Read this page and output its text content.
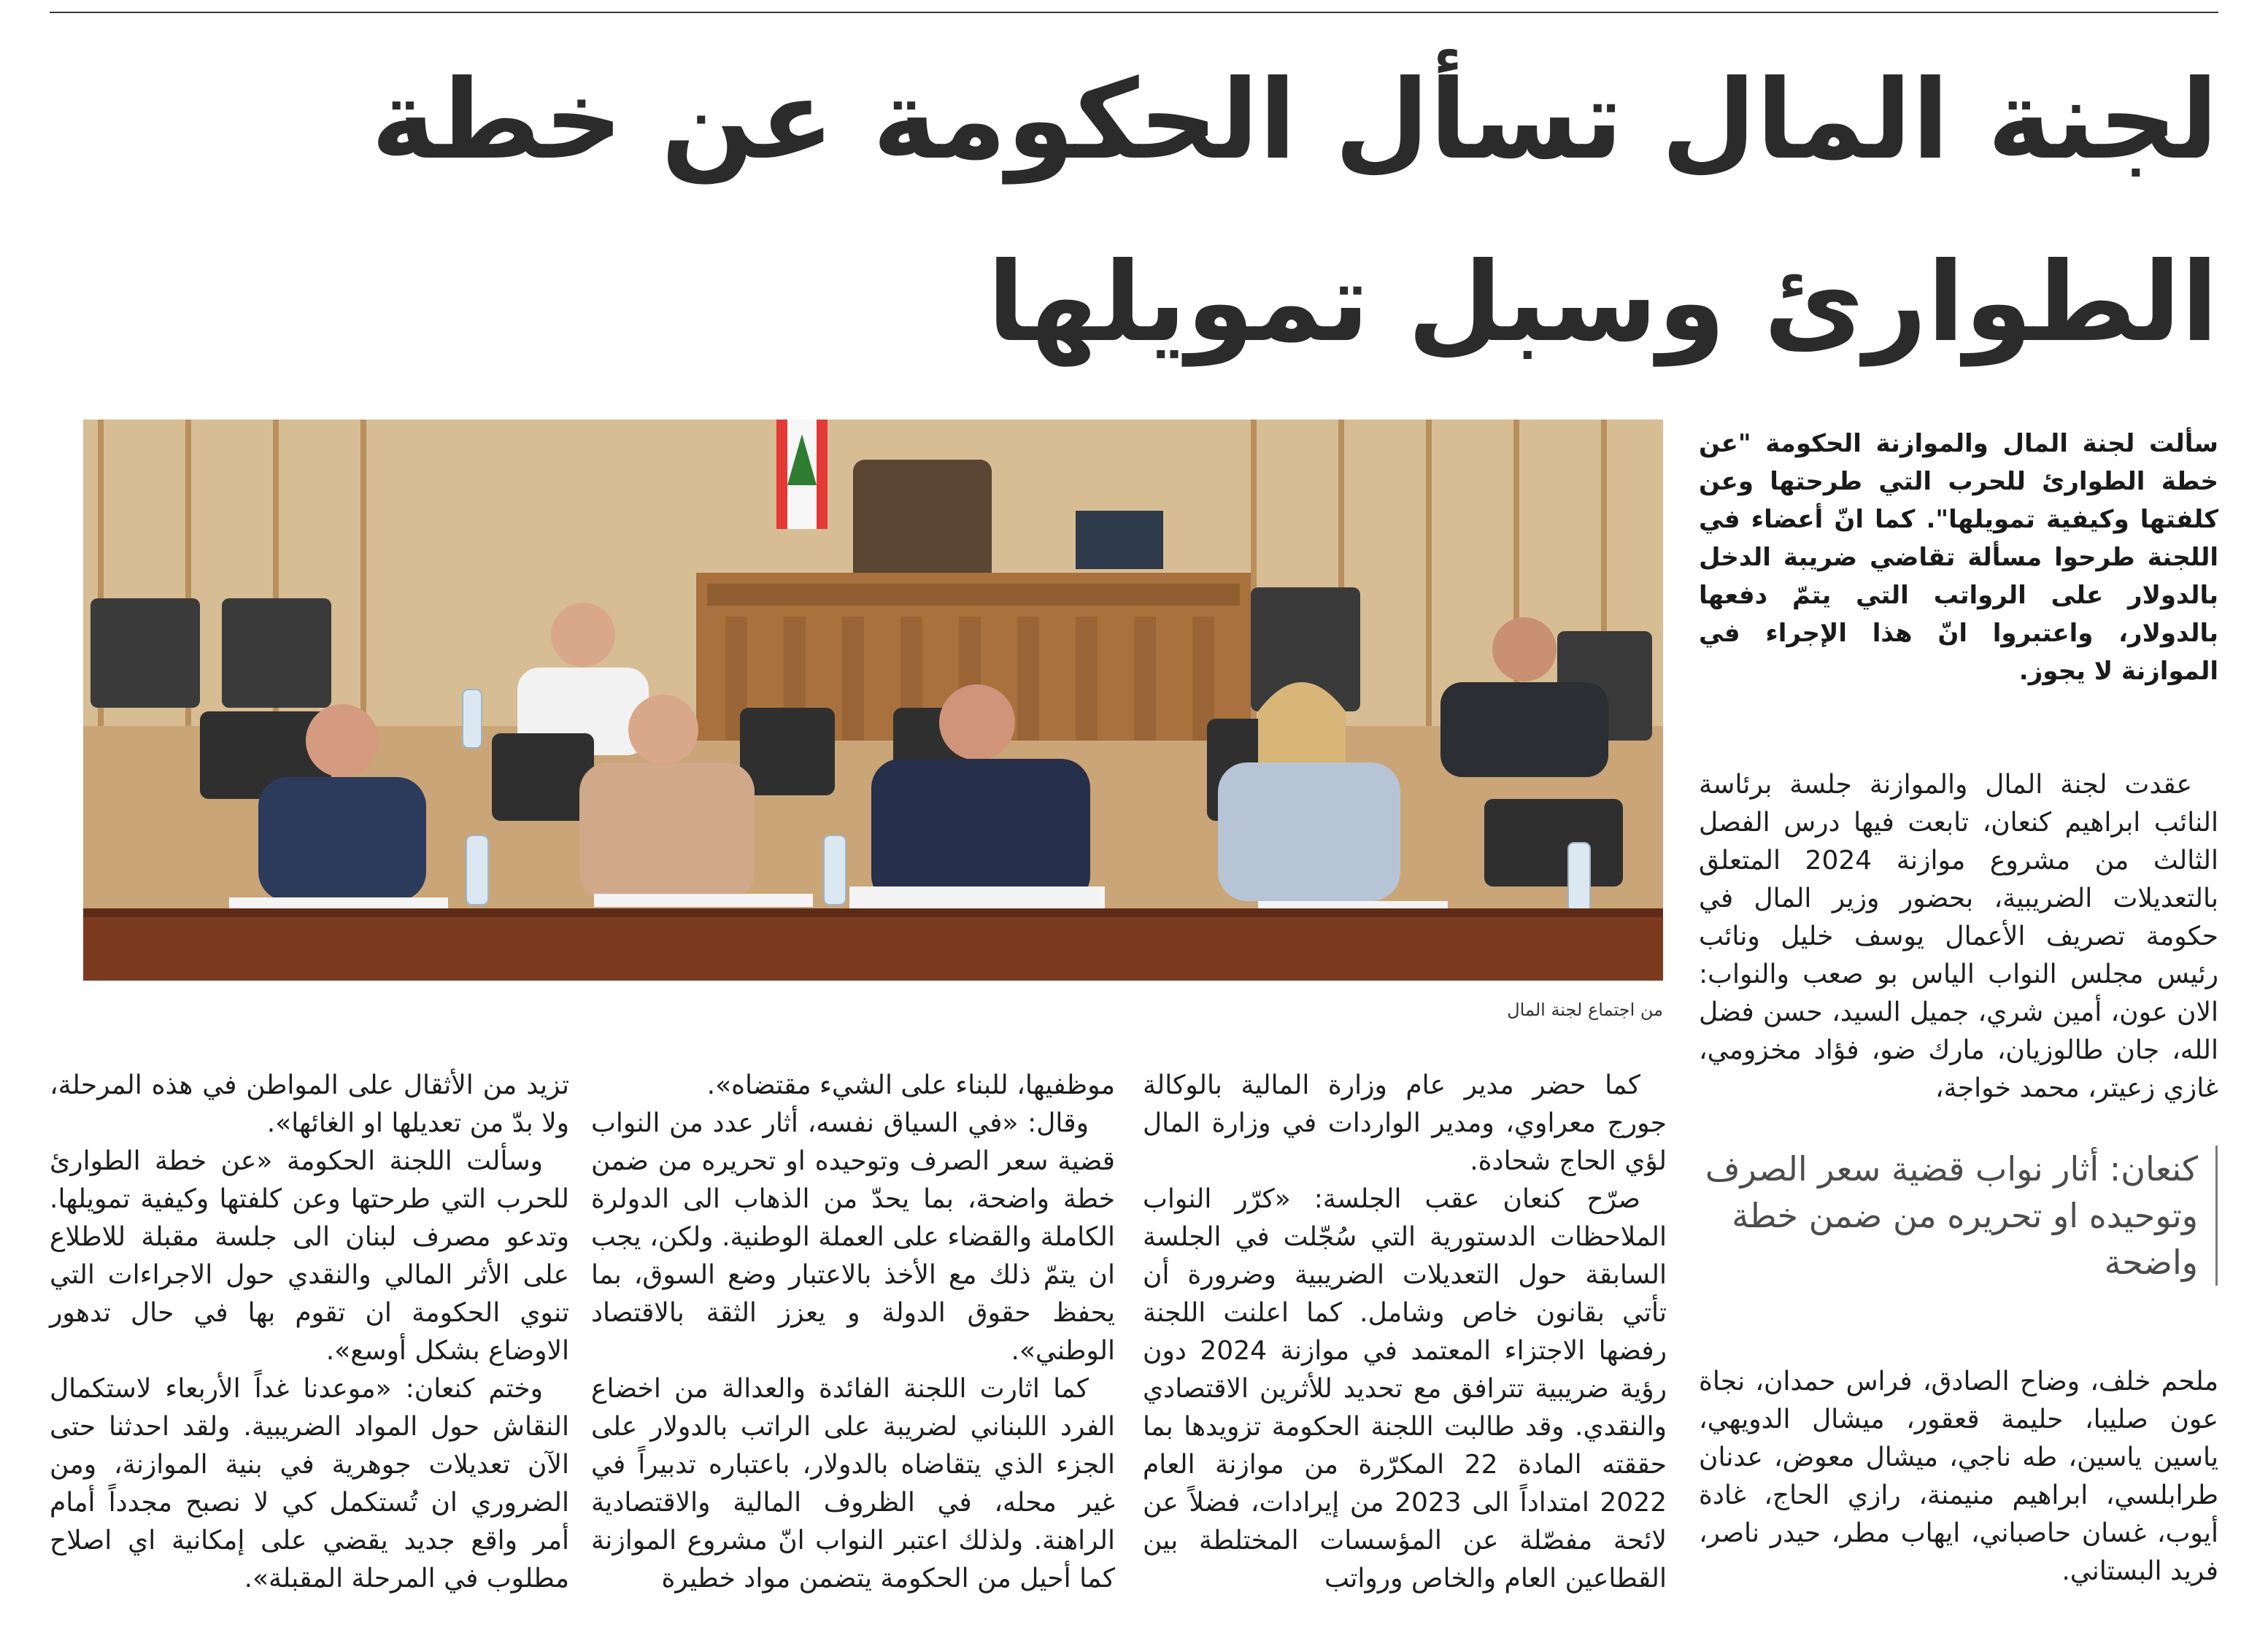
لجنة المال تسأل الحكومة عن خطة الطوارئ وسبل تمويلها

من اجتماع لجنة المال

سألت لجنة المال والموازنة الحكومة "عن خطة الطوارئ للحرب التي طرحتها وعن كلفتها وكيفية تمويلها". كما انّ أعضاء في اللجنة طرحوا مسألة تقاضي ضريبة الدخل بالدولار على الرواتب التي يتمّ دفعها بالدولار، واعتبروا انّ هذا الإجراء في الموازنة لا يجوز.

عقدت لجنة المال والموازنة جلسة برئاسة النائب ابراهيم كنعان، تابعت فيها درس الفصل الثالث من مشروع موازنة 2024 المتعلق بالتعديلات الضريبية، بحضور وزير المال في حكومة تصريف الأعمال يوسف خليل ونائب رئيس مجلس النواب الياس بو صعب والنواب: الان عون، أمين شري، جميل السيد، حسن فضل الله، جان طالوزيان، مارك ضو، فؤاد مخزومي، غازي زعيتر، محمد خواجة،

كنعان: أثار نواب قضية سعر الصرف وتوحيده او تحريره من ضمن خطة واضحة

ملحم خلف، وضاح الصادق، فراس حمدان، نجاة عون صليبا، حليمة قعقور، ميشال الدويهي، ياسين ياسين، طه ناجي، ميشال معوض، عدنان طرابلسي، ابراهيم منيمنة، رازي الحاج، غادة أيوب، غسان حاصباني، ايهاب مطر، حيدر ناصر، فريد البستاني.

كما حضر مدير عام وزارة المالية بالوكالة جورج معراوي، ومدير الواردات في وزارة المال لؤي الحاج شحادة.

صرّح كنعان عقب الجلسة: «كرّر النواب الملاحظات الدستورية التي سُجّلت في الجلسة السابقة حول التعديلات الضريبية وضرورة أن تأتي بقانون خاص وشامل. كما اعلنت اللجنة رفضها الاجتزاء المعتمد في موازنة 2024 دون رؤية ضريبية تترافق مع تحديد للأثرين الاقتصادي والنقدي. وقد طالبت اللجنة الحكومة تزويدها بما حققته المادة 22 المكرّرة من موازنة العام 2022 امتداداً الى 2023 من إيرادات، فضلاً عن لائحة مفصّلة عن المؤسسات المختلطة بين القطاعين العام والخاص ورواتب

موظفيها، للبناء على الشيء مقتضاه».

وقال: «في السياق نفسه، أثار عدد من النواب قضية سعر الصرف وتوحيده او تحريره من ضمن خطة واضحة، بما يحدّ من الذهاب الى الدولرة الكاملة والقضاء على العملة الوطنية. ولكن، يجب ان يتمّ ذلك مع الأخذ بالاعتبار وضع السوق، بما يحفظ حقوق الدولة و يعزز الثقة بالاقتصاد الوطني».

كما اثارت اللجنة الفائدة والعدالة من اخضاع الفرد اللبناني لضريبة على الراتب بالدولار على الجزء الذي يتقاضاه بالدولار، باعتباره تدبيراً في غير محله، في الظروف المالية والاقتصادية الراهنة. ولذلك اعتبر النواب انّ مشروع الموازنة كما أحيل من الحكومة يتضمن مواد خطيرة

تزيد من الأثقال على المواطن في هذه المرحلة، ولا بدّ من تعديلها او الغائها».

وسألت اللجنة الحكومة «عن خطة الطوارئ للحرب التي طرحتها وعن كلفتها وكيفية تمويلها. وتدعو مصرف لبنان الى جلسة مقبلة للاطلاع على الأثر المالي والنقدي حول الاجراءات التي تنوي الحكومة ان تقوم بها في حال تدهور الاوضاع بشكل أوسع».

وختم كنعان: «موعدنا غداً الأربعاء لاستكمال النقاش حول المواد الضريبية. ولقد احدثنا حتى الآن تعديلات جوهرية في بنية الموازنة، ومن الضروري ان تُستكمل كي لا نصبح مجدداً أمام أمر واقع جديد يقضي على إمكانية اي اصلاح مطلوب في المرحلة المقبلة».
